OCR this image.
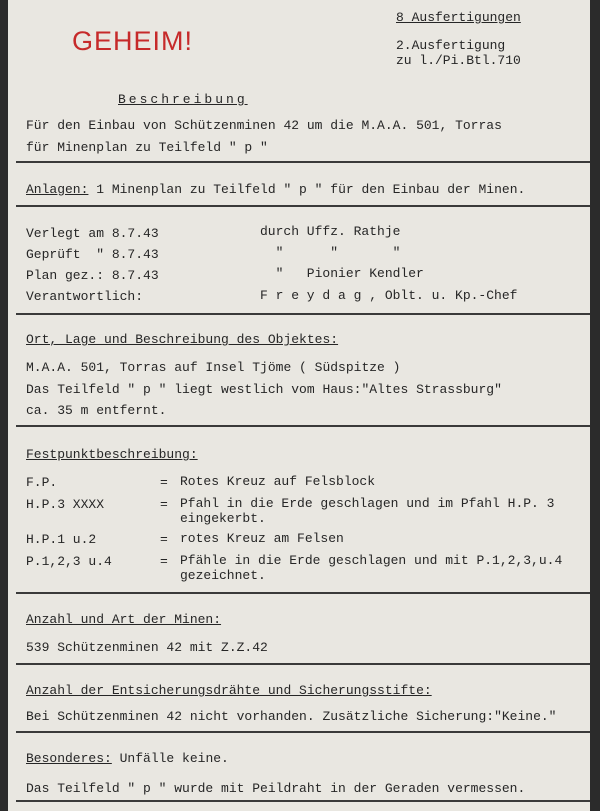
GEHEIM!
8 Ausfertigungen
2.Ausfertigung
zu l./Pi.Btl.710
Beschreibung
Für den Einbau von Schützenminen 42 um die M.A.A. 501, Torras
für Minenplan zu Teilfeld " p "
Anlagen: 1 Minenplan zu Teilfeld " p " für den Einbau der Minen.
Verlegt am 8.7.43	durch Uffz. Rathje
Geprüft  " 8.7.43	"      "       "
Plan gez.: 8.7.43	"   Pionier Kendler
Verantwortlich:	F r e y d a g , Oblt. u. Kp.-Chef
Ort, Lage und Beschreibung des Objektes:
M.A.A. 501, Torras auf Insel Tjöme ( Südspitze )
Das Teilfeld " p " liegt westlich vom Haus:"Altes Strassburg"
ca. 35 m entfernt.
Festpunktbeschreibung:
F.P.	= Rotes Kreuz auf Felsblock
H.P.3 XXXX	= Pfahl in die Erde geschlagen und im Pfahl H.P. 3 eingekerbt.
H.P.1 u.2	= rotes Kreuz am Felsen
P.1,2,3 u.4	= Pfähle in die Erde geschlagen und mit P.1,2,3,u.4 gezeichnet.
Anzahl und Art der Minen:
539 Schützenminen 42 mit Z.Z.42
Anzahl der Entsicherungsdrähte und Sicherungsstifte:
Bei Schützenminen 42 nicht vorhanden. Zusätzliche Sicherung:"Keine."
Besonderes: Unfälle keine.
Das Teilfeld " p " wurde mit Peildraht in der Geraden vermessen.
